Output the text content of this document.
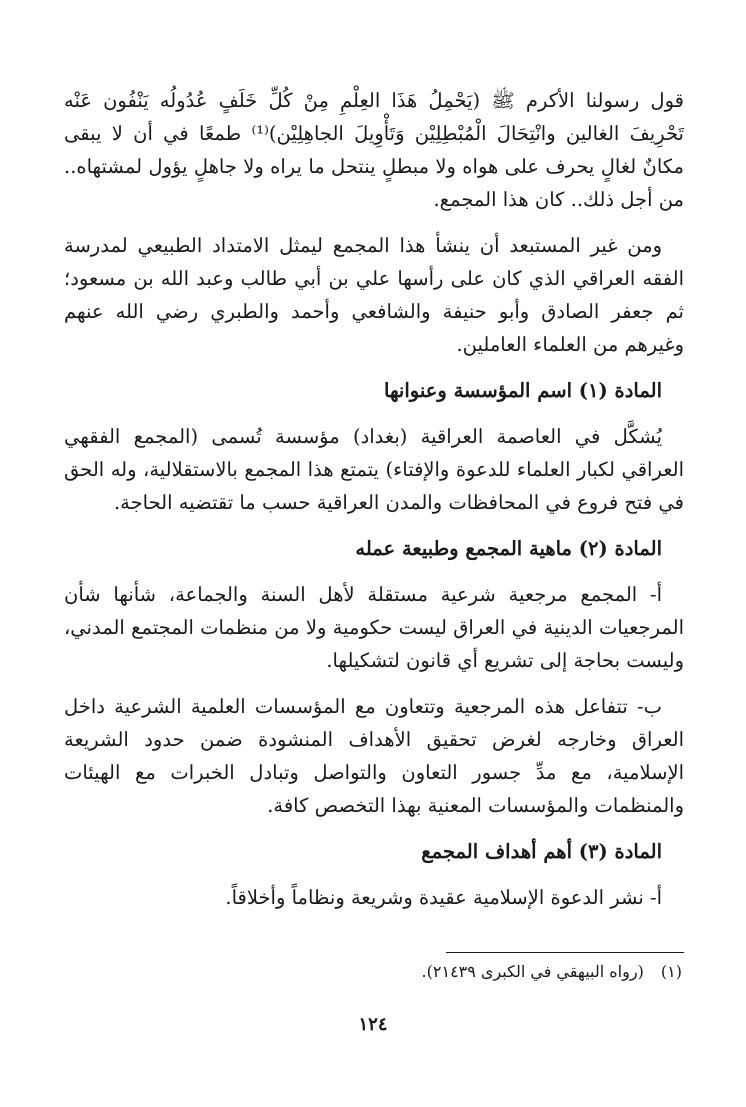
قول رسولنا الأكرم ﷺ (يَحْمِلُ هَذَا العِلْمِ مِنْ كُلِّ خَلَفٍ عُدُولُه يَنْفُون عَنْه تَحْرِيفَ الغالين وانْتِحَالَ الْمُبْطِلِيْن وَتَأْوِيلَ الجاهِلِيْن)⁽¹⁾ طمعًا في أن لا يبقى مكانٌ لغالٍ يحرف على هواه ولا مبطلٍ ينتحل ما يراه ولا جاهلٍ يؤول لمشتهاه.. من أجل ذلك.. كان هذا المجمع.

ومن غير المستبعد أن ينشأ هذا المجمع ليمثل الامتداد الطبيعي لمدرسة الفقه العراقي الذي كان على رأسها علي بن أبي طالب وعبد الله بن مسعود؛ ثم جعفر الصادق وأبو حنيفة والشافعي وأحمد والطبري رضي الله عنهم وغيرهم من العلماء العاملين.

المادة (١) اسم المؤسسة وعنوانها

يُشكَّل في العاصمة العراقية (بغداد) مؤسسة تُسمى (المجمع الفقهي العراقي لكبار العلماء للدعوة والإفتاء) يتمتع هذا المجمع بالاستقلالية، وله الحق في فتح فروع في المحافظات والمدن العراقية حسب ما تقتضيه الحاجة.

المادة (٢) ماهية المجمع وطبيعة عمله

أ- المجمع مرجعية شرعية مستقلة لأهل السنة والجماعة، شأنها شأن المرجعيات الدينية في العراق ليست حكومية ولا من منظمات المجتمع المدني، وليست بحاجة إلى تشريع أي قانون لتشكيلها.

ب- تتفاعل هذه المرجعية وتتعاون مع المؤسسات العلمية الشرعية داخل العراق وخارجه لغرض تحقيق الأهداف المنشودة ضمن حدود الشريعة الإسلامية، مع مدِّ جسور التعاون والتواصل وتبادل الخبرات مع الهيئات والمنظمات والمؤسسات المعنية بهذا التخصص كافة.

المادة (٣) أهم أهداف المجمع

أ- نشر الدعوة الإسلامية عقيدة وشريعة ونظاماً وأخلاقاً.

(١) (رواه البيهقي في الكبرى ٢١٤٣٩).
١٢٤
